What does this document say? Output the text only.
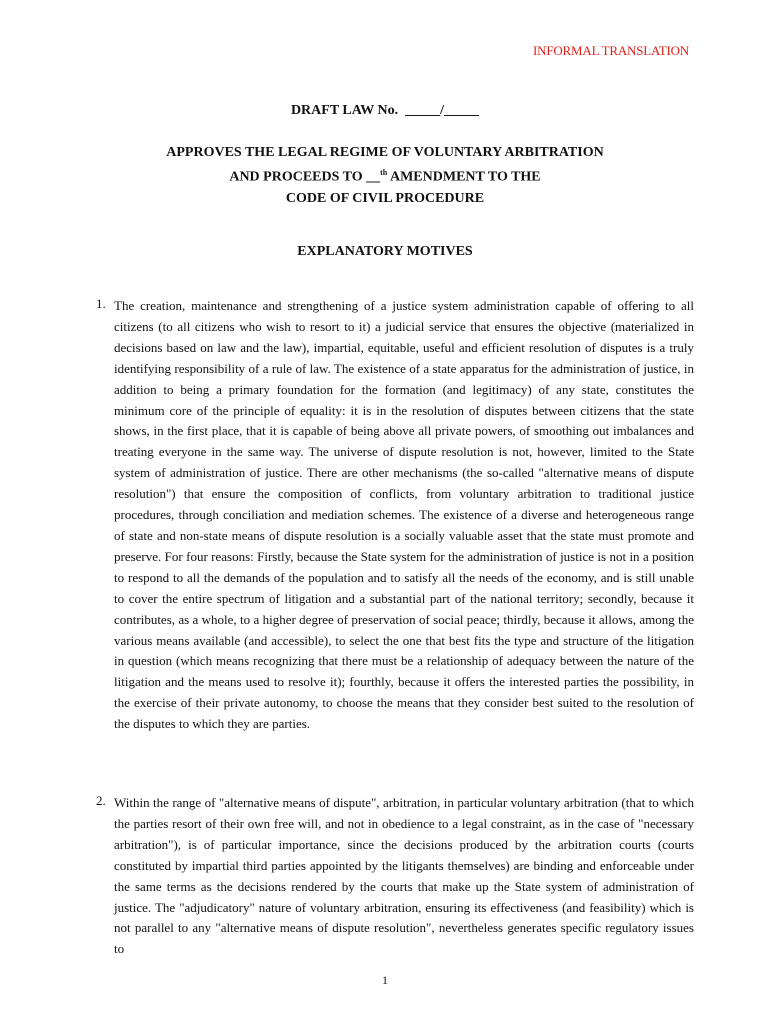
INFORMAL TRANSLATION
DRAFT LAW No.  _____/_____
APPROVES THE LEGAL REGIME OF VOLUNTARY ARBITRATION
AND PROCEEDS TO __$^{th}$ AMENDMENT TO THE
CODE OF CIVIL PROCEDURE
EXPLANATORY MOTIVES
1. The creation, maintenance and strengthening of a justice system administration capable of offering to all citizens (to all citizens who wish to resort to it) a judicial service that ensures the objective (materialized in decisions based on law and the law), impartial, equitable, useful and efficient resolution of disputes is a truly identifying responsibility of a rule of law. The existence of a state apparatus for the administration of justice, in addition to being a primary foundation for the formation (and legitimacy) of any state, constitutes the minimum core of the principle of equality: it is in the resolution of disputes between citizens that the state shows, in the first place, that it is capable of being above all private powers, of smoothing out imbalances and treating everyone in the same way. The universe of dispute resolution is not, however, limited to the State system of administration of justice. There are other mechanisms (the so-called "alternative means of dispute resolution") that ensure the composition of conflicts, from voluntary arbitration to traditional justice procedures, through conciliation and mediation schemes. The existence of a diverse and heterogeneous range of state and non-state means of dispute resolution is a socially valuable asset that the state must promote and preserve. For four reasons: Firstly, because the State system for the administration of justice is not in a position to respond to all the demands of the population and to satisfy all the needs of the economy, and is still unable to cover the entire spectrum of litigation and a substantial part of the national territory; secondly, because it contributes, as a whole, to a higher degree of preservation of social peace; thirdly, because it allows, among the various means available (and accessible), to select the one that best fits the type and structure of the litigation in question (which means recognizing that there must be a relationship of adequacy between the nature of the litigation and the means used to resolve it); fourthly, because it offers the interested parties the possibility, in the exercise of their private autonomy, to choose the means that they consider best suited to the resolution of the disputes to which they are parties.
2. Within the range of "alternative means of dispute", arbitration, in particular voluntary arbitration (that to which the parties resort of their own free will, and not in obedience to a legal constraint, as in the case of "necessary arbitration"), is of particular importance, since the decisions produced by the arbitration courts (courts constituted by impartial third parties appointed by the litigants themselves) are binding and enforceable under the same terms as the decisions rendered by the courts that make up the State system of administration of justice. The "adjudicatory" nature of voluntary arbitration, ensuring its effectiveness (and feasibility) which is not parallel to any "alternative means of dispute resolution", nevertheless generates specific regulatory issues to
1
